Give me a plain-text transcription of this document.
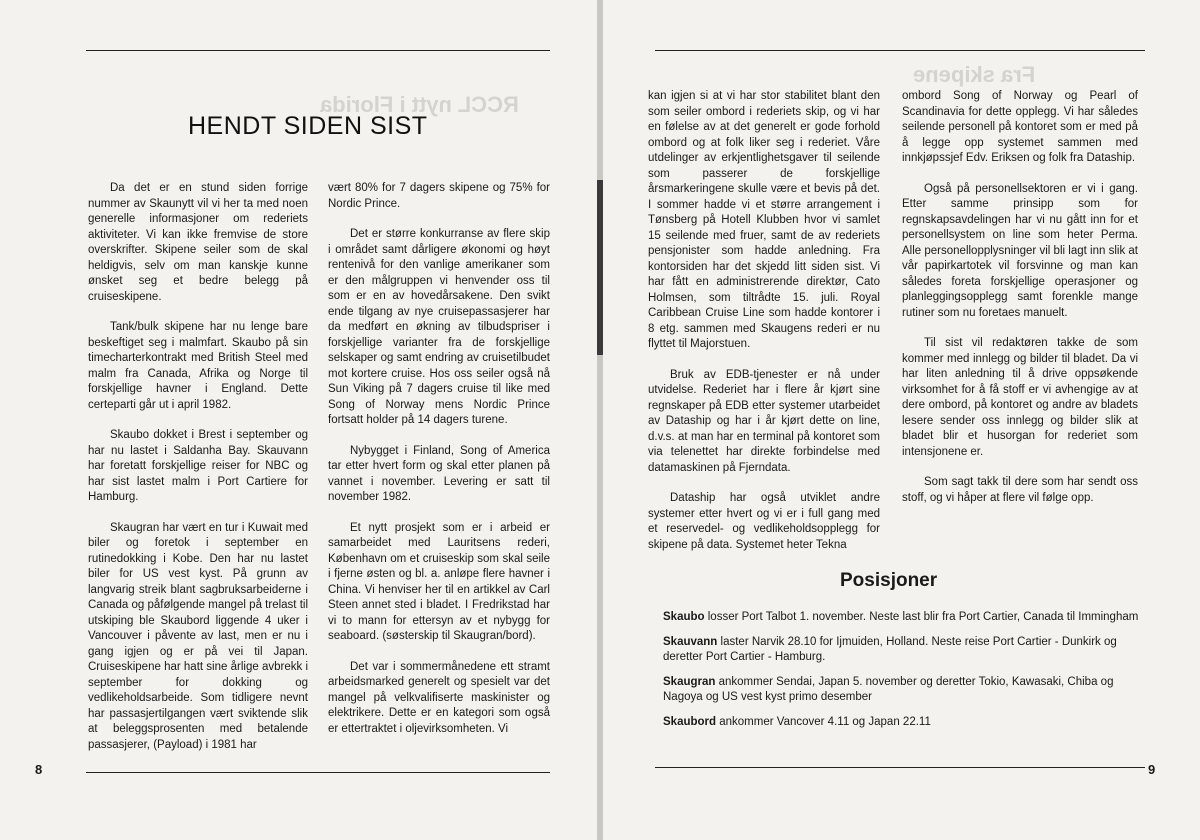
RCCL nytt i Florida
HENDT SIDEN SIST

Da det er en stund siden forrige nummer av Skaunytt vil vi her ta med noen generelle informasjoner om rederiets aktiviteter. Vi kan ikke fremvise de store overskrifter. Skipene seiler som de skal heldigvis, selv om man kanskje kunne ønsket seg et bedre belegg på cruiseskipene.

Tank/bulk skipene har nu lenge bare beskeftiget seg i malmfart. Skaubo på sin timecharterkontrakt med British Steel med malm fra Canada, Afrika og Norge til forskjellige havner i England. Dette certeparti går ut i april 1982.

Skaubo dokket i Brest i september og har nu lastet i Saldanha Bay. Skauvann har foretatt forskjellige reiser for NBC og har sist lastet malm i Port Cartiere for Hamburg.

Skaugran har vært en tur i Kuwait med biler og foretok i september en rutinedokking i Kobe. Den har nu lastet biler for US vest kyst. På grunn av langvarig streik blant sagbruksarbeiderne i Canada og påfølgende mangel på trelast til utskiping ble Skaubord liggende 4 uker i Vancouver i påvente av last, men er nu i gang igjen og er på vei til Japan. Cruiseskipene har hatt sine årlige avbrekk i september for dokking og vedlikeholdsarbeide. Som tidligere nevnt har passasjertilgangen vært sviktende slik at beleggsprosenten med betalende passasjerer, (Payload) i 1981 har

vært 80% for 7 dagers skipene og 75% for Nordic Prince.

Det er større konkurranse av flere skip i området samt dårligere økonomi og høyt rentenivå for den vanlige amerikaner som er den målgruppen vi henvender oss til som er en av hovedårsakene. Den svikt ende tilgang av nye cruisepassasjerer har da medført en økning av tilbudspriser i forskjellige varianter fra de forskjellige selskaper og samt endring av cruisetilbudet mot kortere cruise. Hos oss seiler også nå Sun Viking på 7 dagers cruise til like med Song of Norway mens Nordic Prince fortsatt holder på 14 dagers turene.

Nybygget i Finland, Song of America tar etter hvert form og skal etter planen på vannet i november. Levering er satt til november 1982.

Et nytt prosjekt som er i arbeid er samarbeidet med Lauritsens rederi, København om et cruiseskip som skal seile i fjerne østen og bl. a. anløpe flere havner i China. Vi henviser her til en artikkel av Carl Steen annet sted i bladet. I Fredrikstad har vi to mann for ettersyn av et nybygg for seaboard. (søsterskip til Skaugran/bord).

Det var i sommermånedene ett stramt arbeidsmarked generelt og spesielt var det mangel på velkvalifiserte maskinister og elektrikere. Dette er en kategori som også er ettertraktet i oljevirksomheten. Vi

8
Fra skipene

kan igjen si at vi har stor stabilitet blant den som seiler ombord i rederiets skip, og vi har en følelse av at det generelt er gode forhold ombord og at folk liker seg i rederiet. Våre utdelinger av erkjentlighetsgaver til seilende som passerer de forskjellige årsmarkeringene skulle være et bevis på det. I sommer hadde vi et større arrangement i Tønsberg på Hotell Klubben hvor vi samlet 15 seilende med fruer, samt de av rederiets pensjonister som hadde anledning. Fra kontorsiden har det skjedd litt siden sist. Vi har fått en administrerende direktør, Cato Holmsen, som tiltrådte 15. juli. Royal Caribbean Cruise Line som hadde kontorer i 8 etg. sammen med Skaugens rederi er nu flyttet til Majorstuen.

Bruk av EDB-tjenester er nå under utvidelse. Rederiet har i flere år kjørt sine regnskaper på EDB etter systemer utarbeidet av Dataship og har i år kjørt dette on line, d.v.s. at man har en terminal på kontoret som via telenettet har direkte forbindelse med datamaskinen på Fjerndata.

Dataship har også utviklet andre systemer etter hvert og vi er i full gang med et reservedel- og vedlikeholdsopplegg for skipene på data. Systemet heter Tekna

ombord Song of Norway og Pearl of Scandinavia for dette opplegg. Vi har således seilende personell på kontoret som er med på å legge opp systemet sammen med innkjøpssjef Edv. Eriksen og folk fra Dataship.

Også på personellsektoren er vi i gang. Etter samme prinsipp som for regnskapsavdelingen har vi nu gått inn for et personellsystem on line som heter Perma. Alle personellopplysninger vil bli lagt inn slik at vår papirkartotek vil forsvinne og man kan således foreta forskjellige operasjoner og planleggingsopplegg samt forenkle mange rutiner som nu foretaes manuelt.

Til sist vil redaktøren takke de som kommer med innlegg og bilder til bladet. Da vi har liten anledning til å drive oppsøkende virksomhet for å få stoff er vi avhengige av at dere ombord, på kontoret og andre av bladets lesere sender oss innlegg og bilder slik at bladet blir et husorgan for rederiet som intensjonene er.

Som sagt takk til dere som har sendt oss stoff, og vi håper at flere vil følge opp.

9
Posisjoner
Skaubo losser Port Talbot 1. november. Neste last blir fra Port Cartier, Canada til Immingham
Skauvann laster Narvik 28.10 for Ijmuiden, Holland. Neste reise Port Cartier - Dunkirk og deretter Port Cartier - Hamburg.
Skaugran ankommer Sendai, Japan 5. november og deretter Tokio, Kawasaki, Chiba og Nagoya og US vest kyst primo desember
Skaubord ankommer Vancover 4.11 og Japan 22.11
